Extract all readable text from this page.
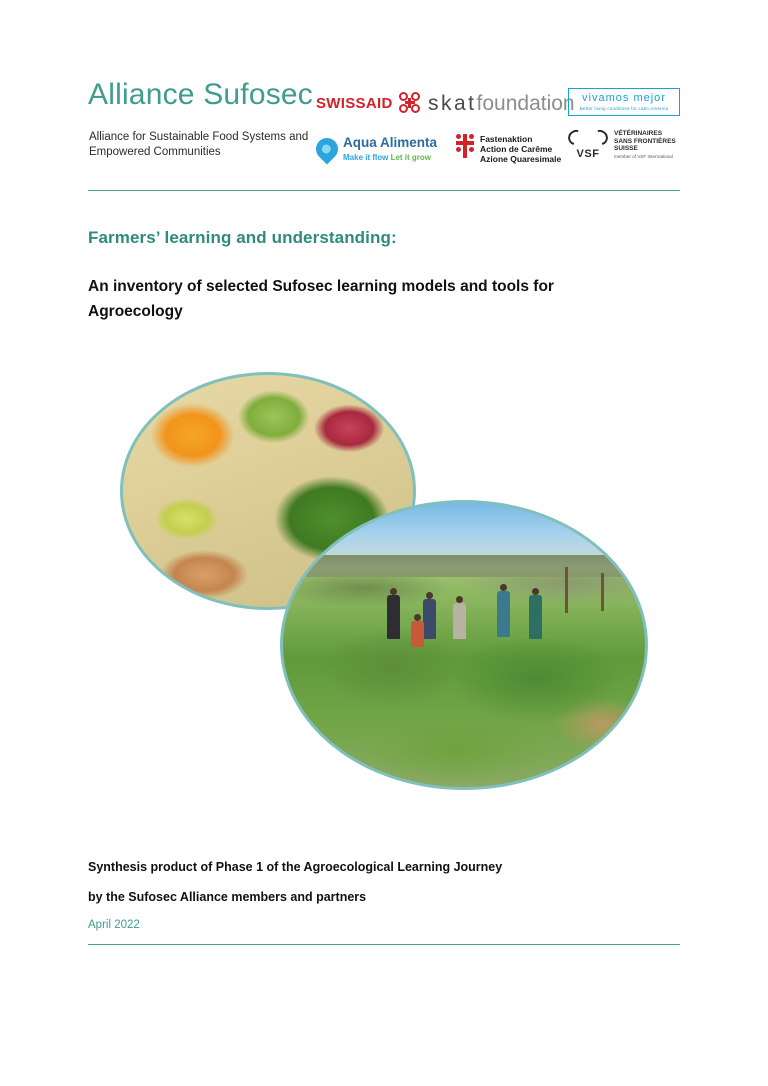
Alliance Sufosec
Alliance for Sustainable Food Systems and Empowered Communities
SWISSAID skatfoundation vivamos mejor
Better living conditions for Latin America
Aqua Alimenta
Make it flow Let it grow
Fastenaktion
Action de Carême
Azione Quaresimale	VSF
VÉTÉRINAIRES
SANS FRONTIÈRES
SUISSE
member of VSF International
Farmers’ learning and understanding:
An inventory of selected Sufosec learning models and tools for Agroecology
Synthesis product of Phase 1 of the Agroecological Learning Journey
by the Sufosec Alliance members and partners
April 2022
